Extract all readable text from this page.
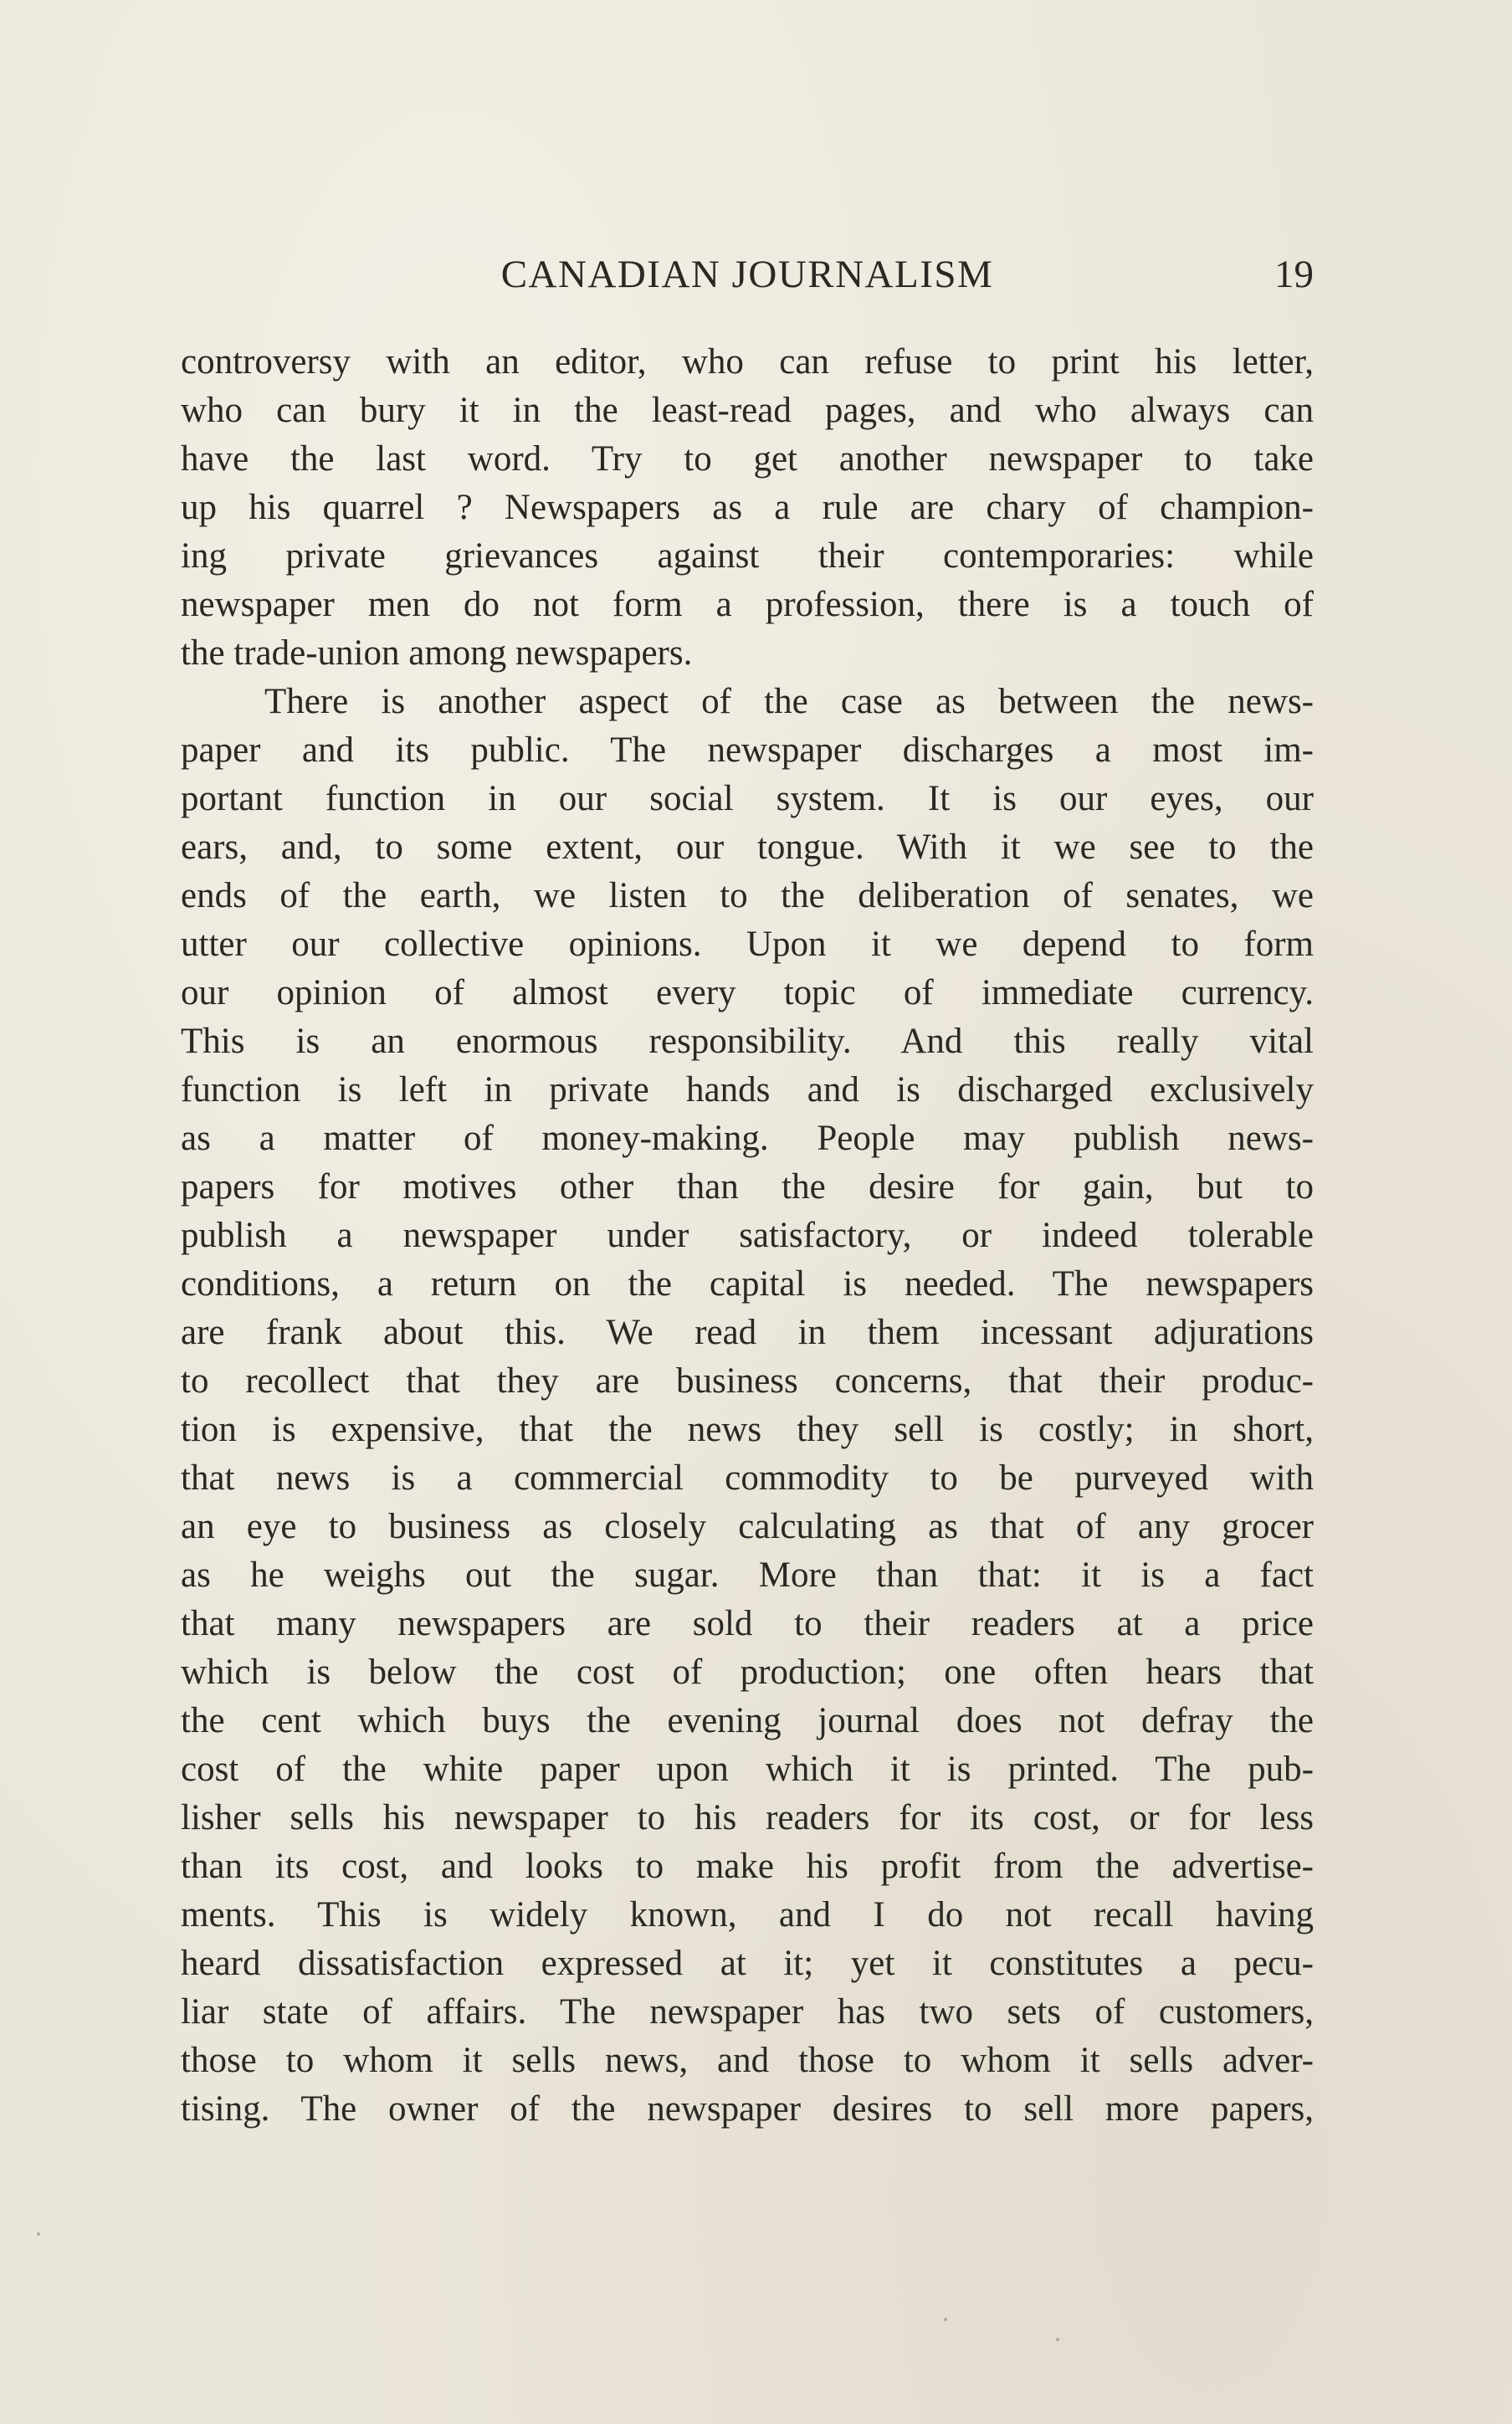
CANADIAN JOURNALISM	19
controversy with an editor, who can refuse to print his letter,
who can bury it in the least-read pages, and who always can
have the last word. Try to get another newspaper to take
up his quarrel ? Newspapers as a rule are chary of champion-
ing private grievances against their contemporaries: while
newspaper men do not form a profession, there is a touch of
the trade-union among newspapers.
There is another aspect of the case as between the news-
paper and its public. The newspaper discharges a most im-
portant function in our social system. It is our eyes, our
ears, and, to some extent, our tongue. With it we see to the
ends of the earth, we listen to the deliberation of senates, we
utter our collective opinions. Upon it we depend to form
our opinion of almost every topic of immediate currency.
This is an enormous responsibility. And this really vital
function is left in private hands and is discharged exclusively
as a matter of money-making. People may publish news-
papers for motives other than the desire for gain, but to
publish a newspaper under satisfactory, or indeed tolerable
conditions, a return on the capital is needed. The newspapers
are frank about this. We read in them incessant adjurations
to recollect that they are business concerns, that their produc-
tion is expensive, that the news they sell is costly; in short,
that news is a commercial commodity to be purveyed with
an eye to business as closely calculating as that of any grocer
as he weighs out the sugar. More than that: it is a fact
that many newspapers are sold to their readers at a price
which is below the cost of production; one often hears that
the cent which buys the evening journal does not defray the
cost of the white paper upon which it is printed. The pub-
lisher sells his newspaper to his readers for its cost, or for less
than its cost, and looks to make his profit from the advertise-
ments. This is widely known, and I do not recall having
heard dissatisfaction expressed at it; yet it constitutes a pecu-
liar state of affairs. The newspaper has two sets of customers,
those to whom it sells news, and those to whom it sells adver-
tising. The owner of the newspaper desires to sell more papers,
